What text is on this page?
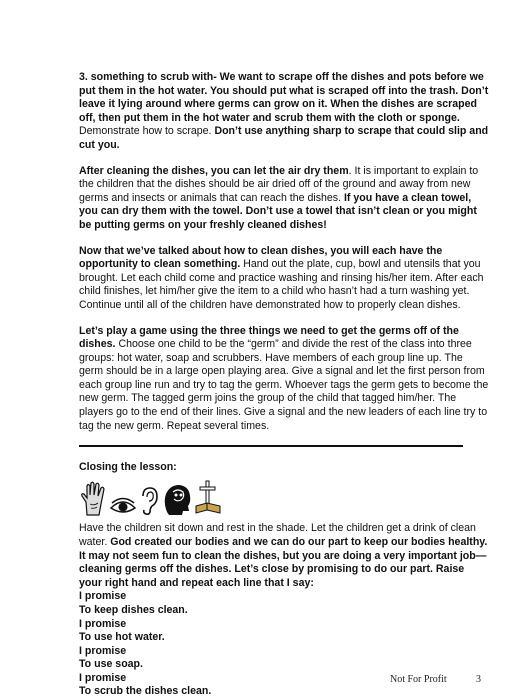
3. something to scrub with- We want to scrape off the dishes and pots before we put them in the hot water. You should put what is scraped off into the trash. Don’t leave it lying around where germs can grow on it. When the dishes are scraped off, then put them in the hot water and scrub them with the cloth or sponge. Demonstrate how to scrape. Don’t use anything sharp to scrape that could slip and cut you.

After cleaning the dishes, you can let the air dry them. It is important to explain to the children that the dishes should be air dried off of the ground and away from new germs and insects or animals that can reach the dishes. If you have a clean towel, you can dry them with the towel. Don’t use a towel that isn’t clean or you might be putting germs on your freshly cleaned dishes!

Now that we’ve talked about how to clean dishes, you will each have the opportunity to clean something. Hand out the plate, cup, bowl and utensils that you brought. Let each child come and practice washing and rinsing his/her item. After each child finishes, let him/her give the item to a child who hasn’t had a turn washing yet. Continue until all of the children have demonstrated how to properly clean dishes.

Let’s play a game using the three things we need to get the germs off of the dishes. Choose one child to be the “germ” and divide the rest of the class into three groups: hot water, soap and scrubbers. Have members of each group line up. The germ should be in a large open playing area. Give a signal and let the first person from each group line run and try to tag the germ. Whoever tags the germ gets to become the new germ. The tagged germ joins the group of the child that tagged him/her. The players go to the end of their lines. Give a signal and the new leaders of each line try to tag the new germ. Repeat several times.

Closing the lesson:

Have the children sit down and rest in the shade. Let the children get a drink of clean water. God created our bodies and we can do our part to keep our bodies healthy. It may not seem fun to clean the dishes, but you are doing a very important job—cleaning germs off the dishes. Let’s close by promising to do our part. Raise your right hand and repeat each line that I say:

I promise
To keep dishes clean.
I promise
To use hot water.
I promise
To use soap.
I promise
To scrub the dishes clean.
Not For Profit	3
